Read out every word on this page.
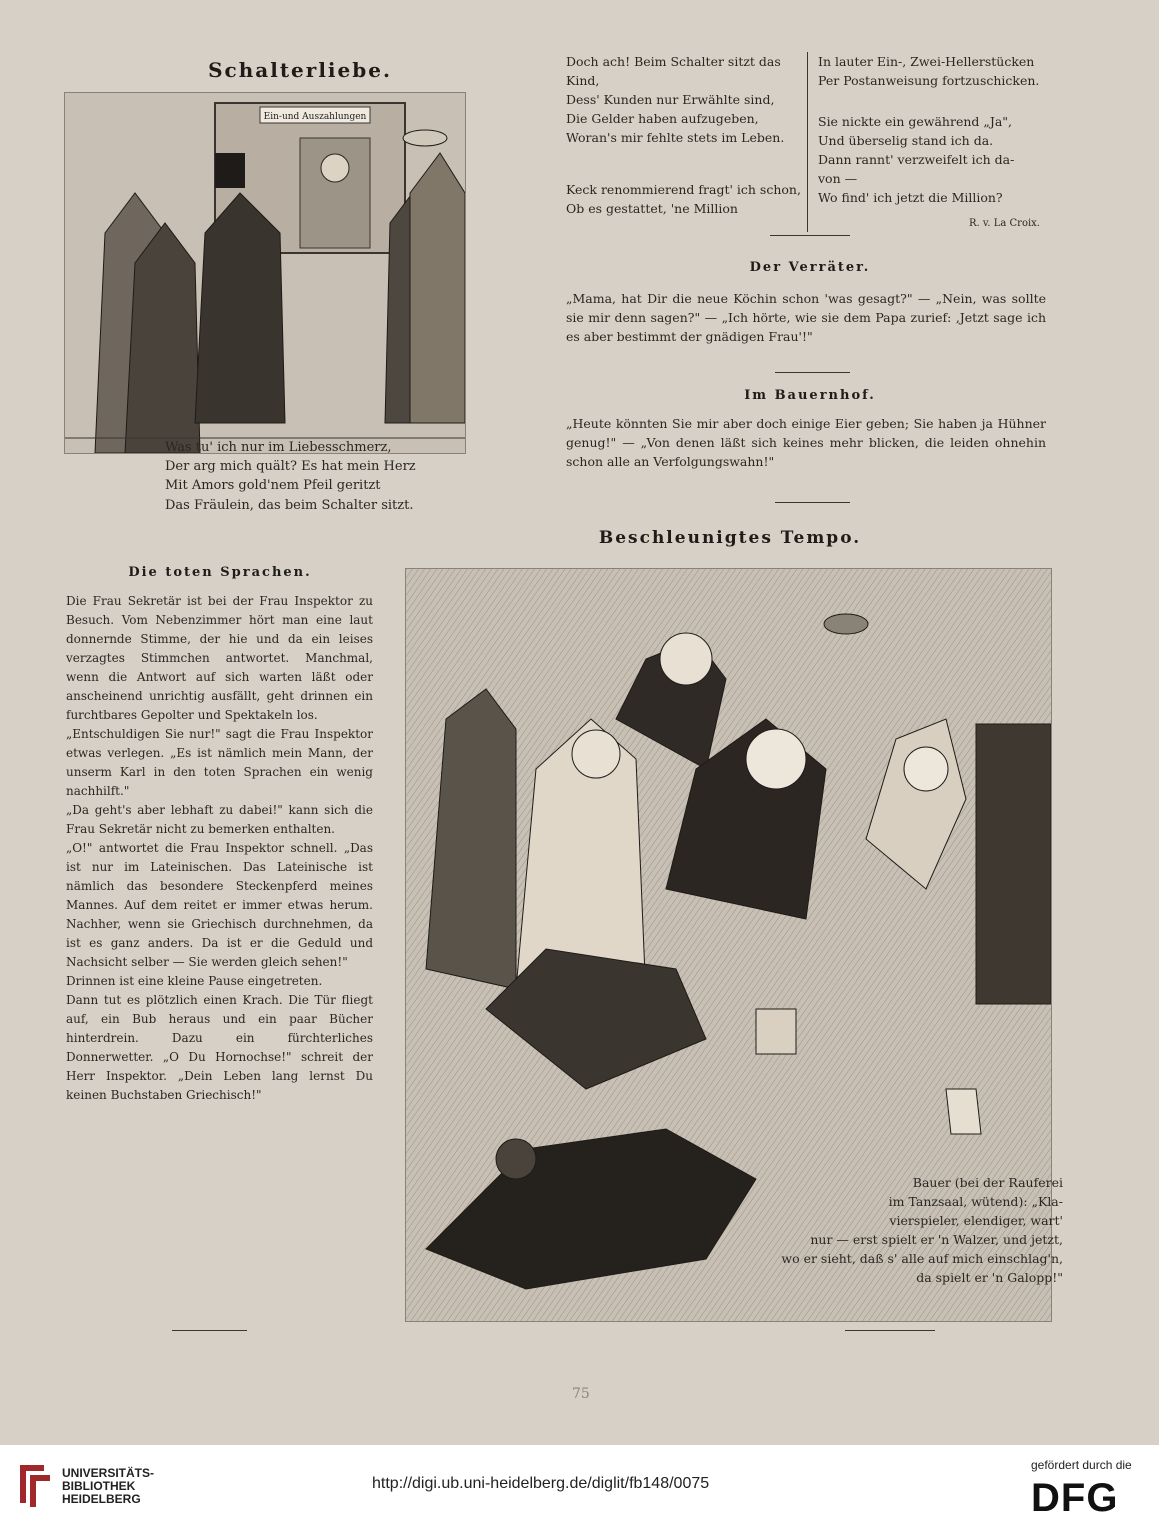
Schalterliebe.
Ein-und Auszahlungen

Was tu' ich nur im Liebesschmerz,
Der arg mich quält? Es hat mein Herz
Mit Amors gold'nem Pfeil geritzt
Das Fräulein, das beim Schalter sitzt.

Doch ach! Beim Schalter sitzt das
Kind,
Dess' Kunden nur Erwählte sind,
Die Gelder haben aufzugeben,
Woran's mir fehlte stets im Leben.

Keck renommierend fragt' ich schon,
Ob es gestattet, 'ne Million

In lauter Ein-, Zwei-Hellerstücken
Per Postanweisung fortzuschicken.

Sie nickte ein gewährend „Ja",
Und überselig stand ich da.
Dann rannt' verzweifelt ich da-
von —
Wo find' ich jetzt die Million?

R. v. La Croix.

Der Verräter.

„Mama, hat Dir die neue Köchin schon 'was gesagt?" — „Nein, was sollte sie mir denn sagen?" — „Ich hörte, wie sie dem Papa zurief: ‚Jetzt sage ich es aber bestimmt der gnädigen Frau'!"

Im Bauernhof.

„Heute könnten Sie mir aber doch einige Eier geben; Sie haben ja Hühner genug!" — „Von denen läßt sich keines mehr blicken, die leiden ohnehin schon alle an Verfolgungswahn!"

Beschleunigtes Tempo.

Bauer (bei der Rauferei
im Tanzsaal, wütend): „Kla-
vierspieler, elendiger, wart'
nur — erst spielt er 'n Walzer, und jetzt,
wo er sieht, daß s' alle auf mich einschlag'n,
da spielt er 'n Galopp!"

Die toten Sprachen.

Die Frau Sekretär ist bei der Frau Inspektor zu Besuch. Vom Nebenzimmer hört man eine laut donnernde Stimme, der hie und da ein leises verzagtes Stimmchen antwortet. Manchmal, wenn die Antwort auf sich warten läßt oder anscheinend unrichtig ausfällt, geht drinnen ein furchtbares Gepolter und Spektakeln los.
„Entschuldigen Sie nur!" sagt die Frau Inspektor etwas verlegen. „Es ist nämlich mein Mann, der unserm Karl in den toten Sprachen ein wenig nachhilft."
„Da geht's aber lebhaft zu dabei!" kann sich die Frau Sekretär nicht zu bemerken enthalten.
„O!" antwortet die Frau Inspektor schnell. „Das ist nur im Lateinischen. Das Lateinische ist nämlich das besondere Steckenpferd meines Mannes. Auf dem reitet er immer etwas herum. Nachher, wenn sie Griechisch durchnehmen, da ist es ganz anders. Da ist er die Geduld und Nachsicht selber — Sie werden gleich sehen!"
Drinnen ist eine kleine Pause eingetreten.
Dann tut es plötzlich einen Krach. Die Tür fliegt auf, ein Bub heraus und ein paar Bücher hinterdrein. Dazu ein fürchterliches Donnerwetter. „O Du Hornochse!" schreit der Herr Inspektor. „Dein Leben lang lernst Du keinen Buchstaben Griechisch!"

75
UNIVERSITÄTS-
BIBLIOTHEK
HEIDELBERG
http://digi.ub.uni-heidelberg.de/diglit/fb148/0075
gefördert durch die
DFG
